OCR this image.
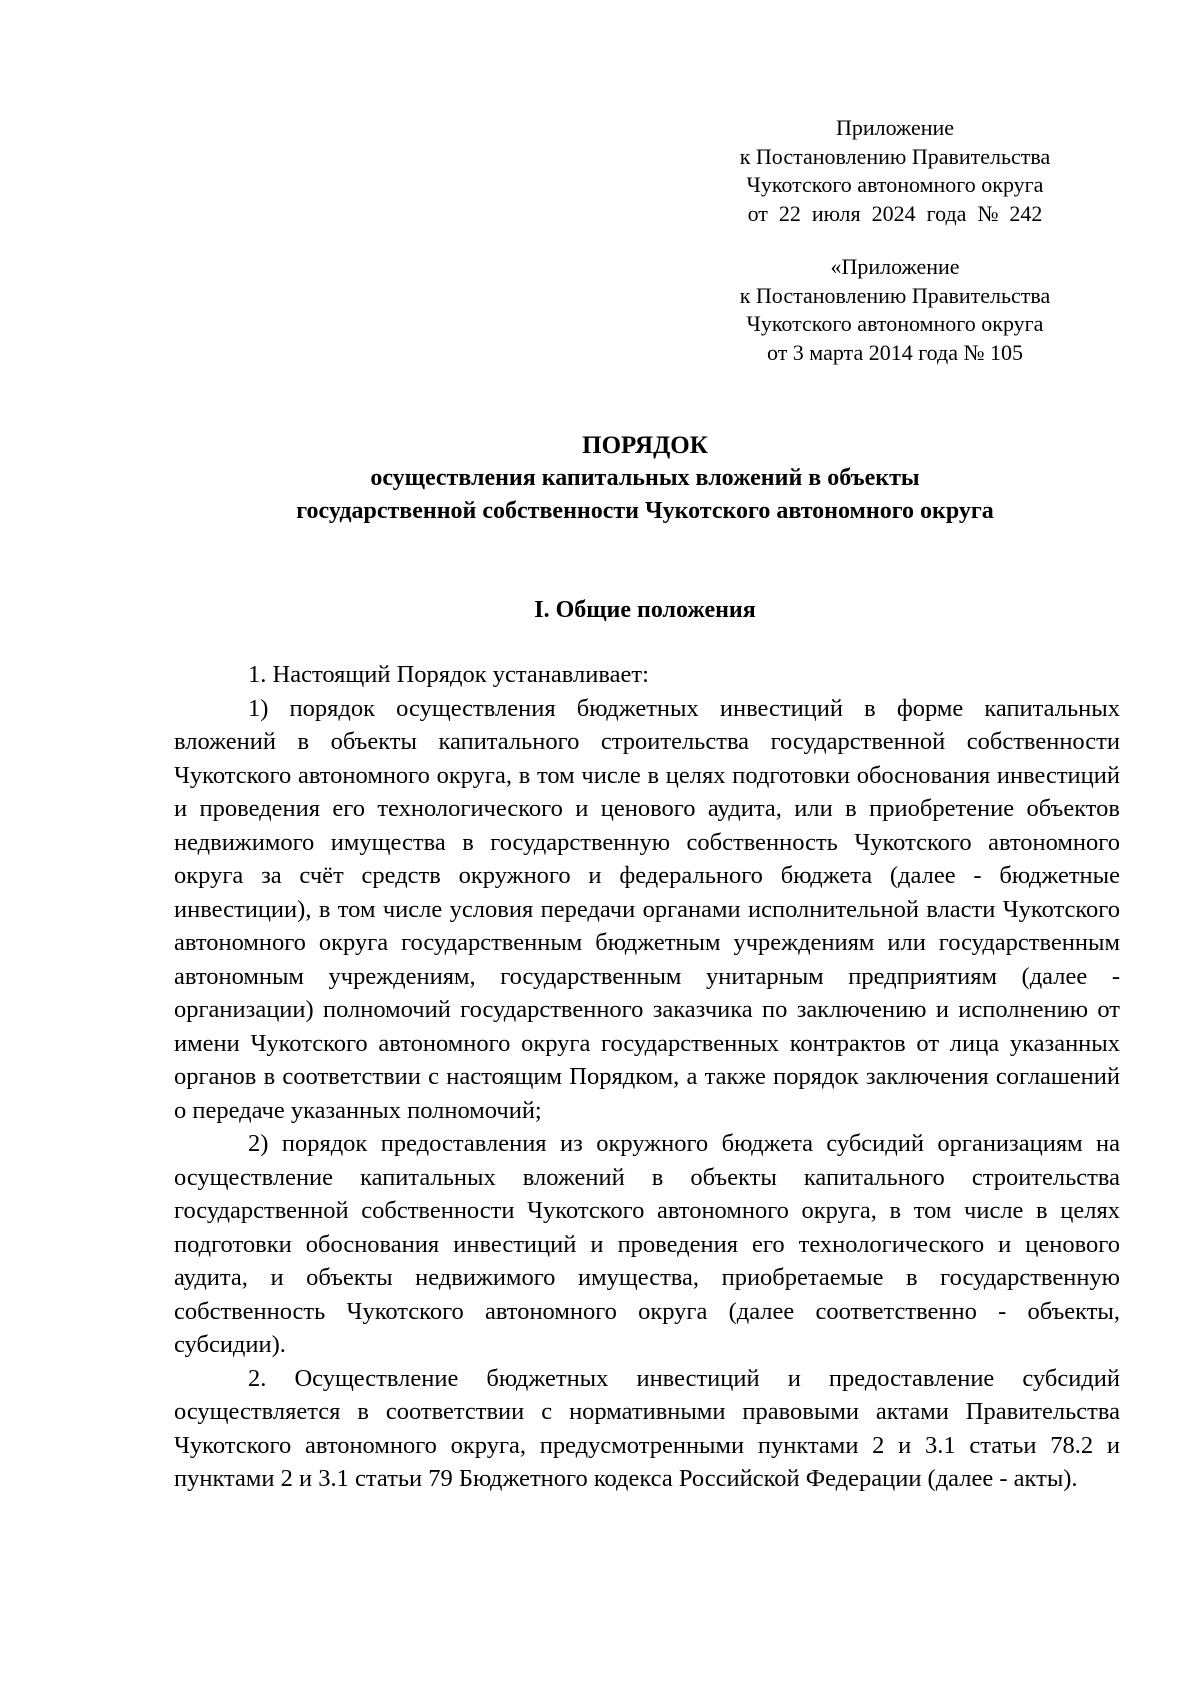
Приложение
к Постановлению Правительства
Чукотского автономного округа
от  22  июля  2024  года  №  242
«Приложение
к Постановлению Правительства
Чукотского автономного округа
от 3 марта 2014 года № 105
ПОРЯДОК
осуществления капитальных вложений в объекты
государственной собственности Чукотского автономного округа
I. Общие положения

1. Настоящий Порядок устанавливает:

1) порядок осуществления бюджетных инвестиций в форме капитальных вложений в объекты капитального строительства государственной собственности Чукотского автономного округа, в том числе в целях подготовки обоснования инвестиций и проведения его технологического и ценового аудита, или в приобретение объектов недвижимого имущества в государственную собственность Чукотского автономного округа за счёт средств окружного и федерального бюджета (далее - бюджетные инвестиции), в том числе условия передачи органами исполнительной власти Чукотского автономного округа государственным бюджетным учреждениям или государственным автономным учреждениям, государственным унитарным предприятиям (далее - организации) полномочий государственного заказчика по заключению и исполнению от имени Чукотского автономного округа государственных контрактов от лица указанных органов в соответствии с настоящим Порядком, а также порядок заключения соглашений о передаче указанных полномочий;

2) порядок предоставления из окружного бюджета субсидий организациям на осуществление капитальных вложений в объекты капитального строительства государственной собственности Чукотского автономного округа, в том числе в целях подготовки обоснования инвестиций и проведения его технологического и ценового аудита, и объекты недвижимого имущества, приобретаемые в государственную собственность Чукотского автономного округа (далее соответственно - объекты, субсидии).

2. Осуществление бюджетных инвестиций и предоставление субсидий осуществляется в соответствии с нормативными правовыми актами Правительства Чукотского автономного округа, предусмотренными пунктами 2 и 3.1 статьи 78.2 и пунктами 2 и 3.1 статьи 79 Бюджетного кодекса Российской Федерации (далее - акты).
